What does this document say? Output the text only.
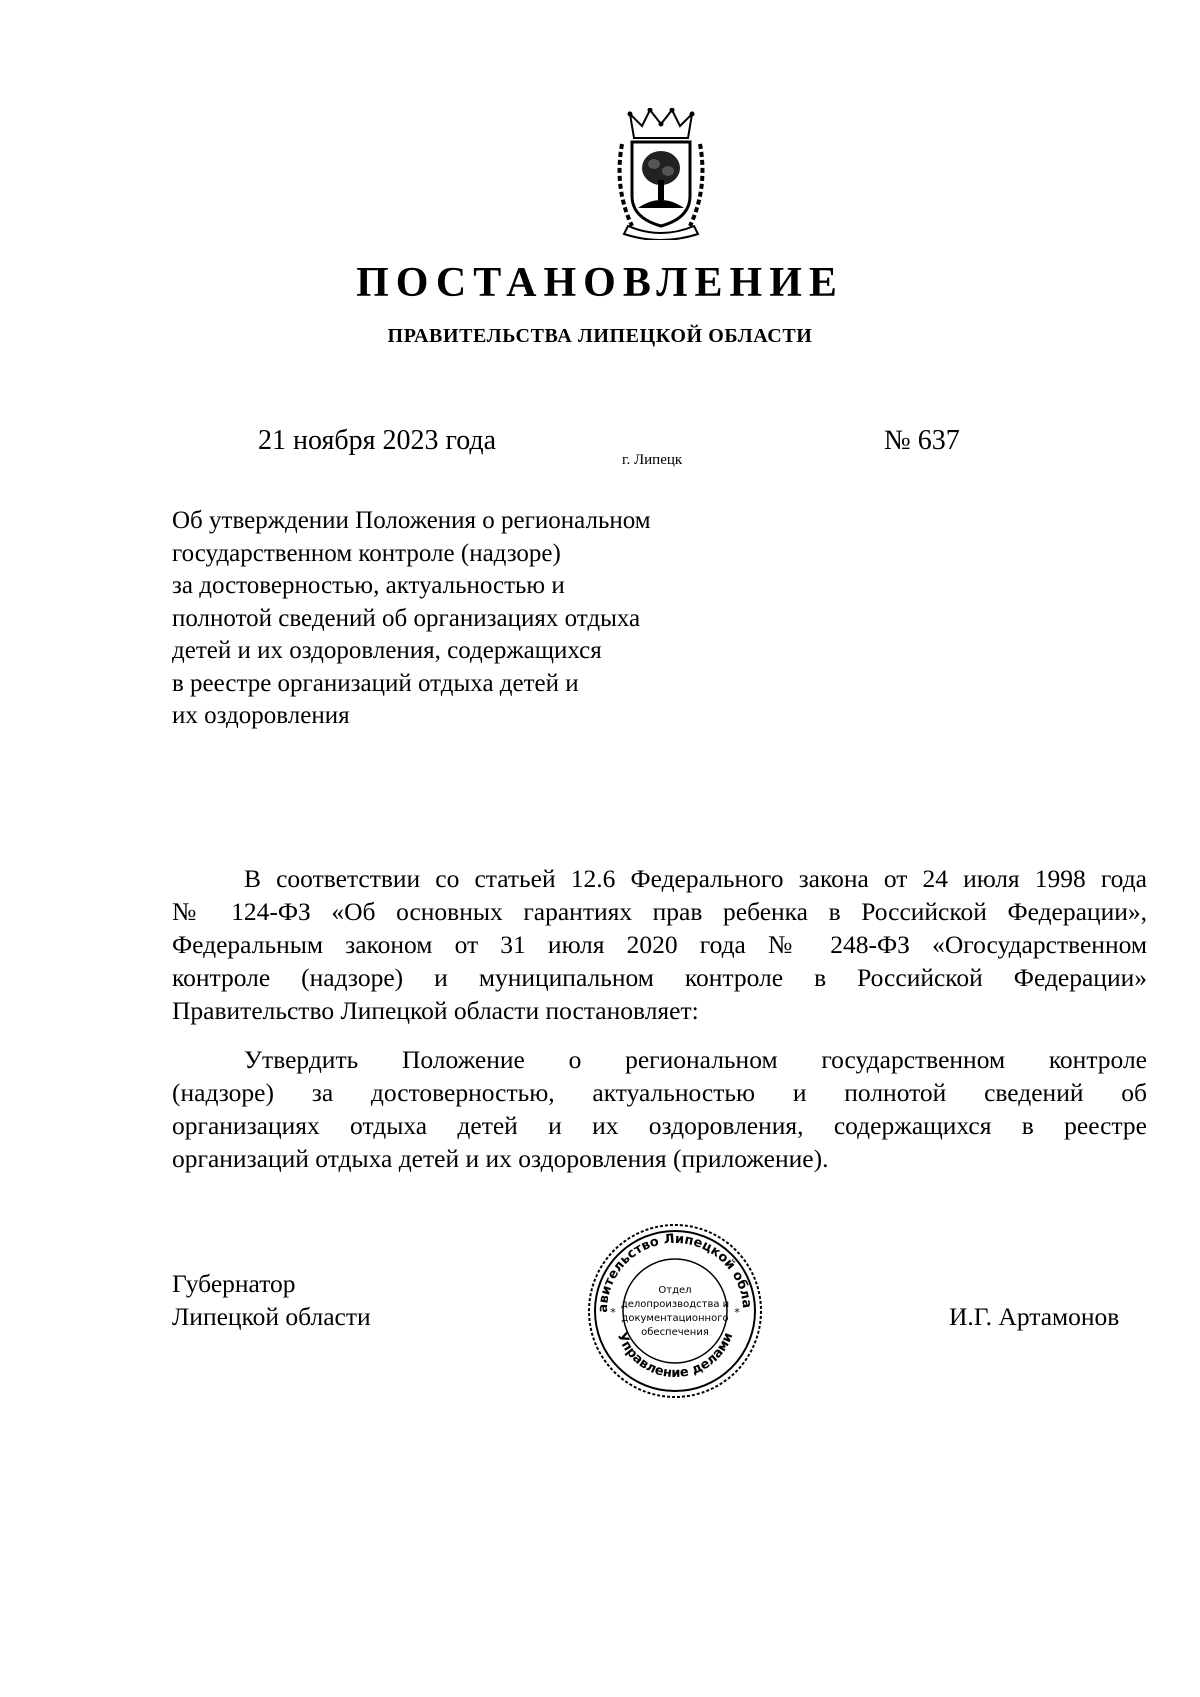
ПОСТАНОВЛЕНИЕ
ПРАВИТЕЛЬСТВА ЛИПЕЦКОЙ ОБЛАСТИ
21 ноября 2023 года
г. Липецк
№ 637
Об утверждении Положения о региональном
государственном контроле (надзоре)
за достоверностью, актуальностью и
полнотой сведений об организациях отдыха
детей и их оздоровления, содержащихся
в реестре организаций отдыха детей и
их оздоровления
В соответствии со статьей 12.6 Федерального закона от 24 июля 1998 года
№ 124-ФЗ «Об основных гарантиях прав ребенка в Российской Федерации»,
Федеральным законом от 31 июля 2020 года № 248-ФЗ «Огосударственном
контроле (надзоре) и муниципальном контроле в Российской Федерации»
Правительство Липецкой области постановляет:
Утвердить Положение о региональном государственном контроле
(надзоре) за достоверностью, актуальностью и полнотой сведений об
организациях отдыха детей и их оздоровления, содержащихся в реестре
организаций отдыха детей и их оздоровления (приложение).
Губернатор
Липецкой области	И.Г. Артамонов
авительство Липецкой обла
Управление делами
*	*
Отдел
делопроизводства и
документационного
обеспечения
